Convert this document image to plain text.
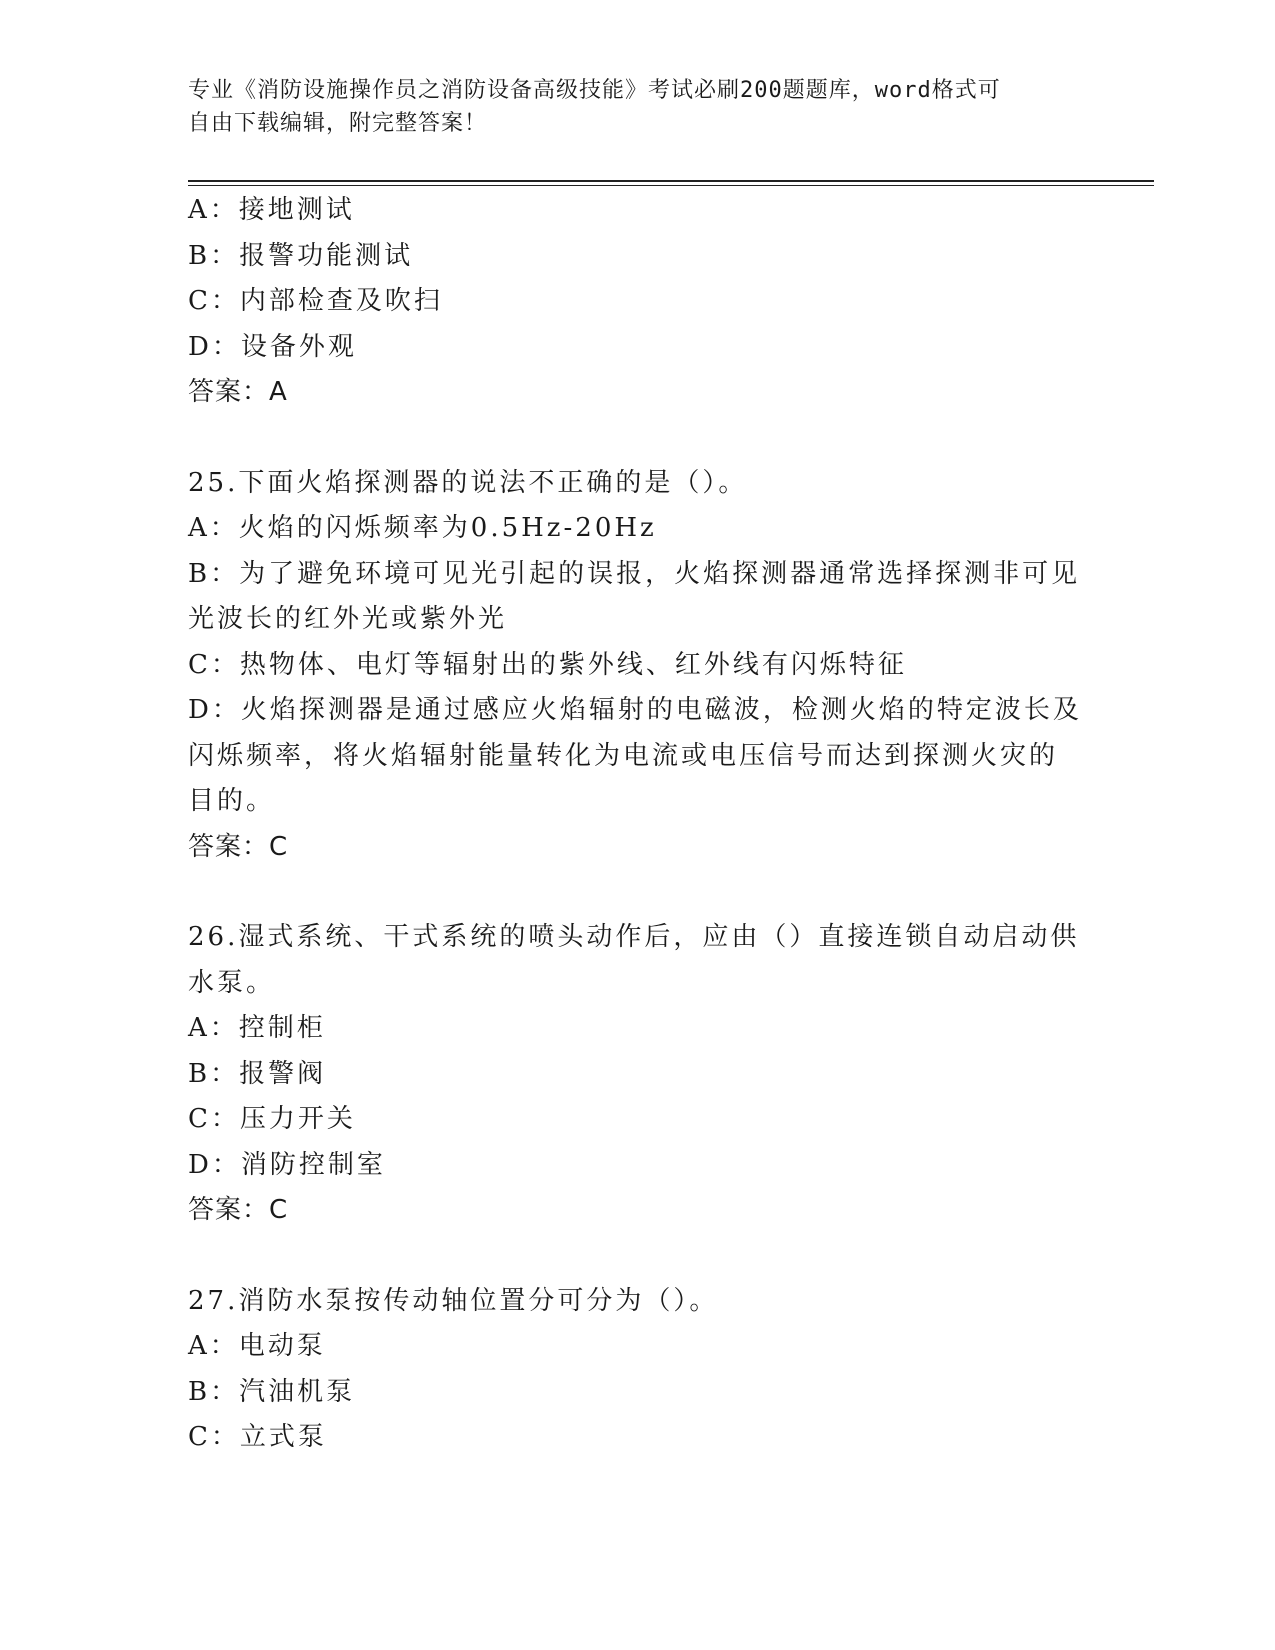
专业《消防设施操作员之消防设备高级技能》考试必刷200题题库，word格式可
自由下载编辑，附完整答案！
A：接地测试
B：报警功能测试
C：内部检查及吹扫
D：设备外观
答案：A
25.下面火焰探测器的说法不正确的是（）。
A：火焰的闪烁频率为0.5Hz-20Hz
B：为了避免环境可见光引起的误报，火焰探测器通常选择探测非可见
光波长的红外光或紫外光
C：热物体、电灯等辐射出的紫外线、红外线有闪烁特征
D：火焰探测器是通过感应火焰辐射的电磁波，检测火焰的特定波长及
闪烁频率，将火焰辐射能量转化为电流或电压信号而达到探测火灾的
目的。
答案：C
26.湿式系统、干式系统的喷头动作后，应由（）直接连锁自动启动供
水泵。
A：控制柜
B：报警阀
C：压力开关
D：消防控制室
答案：C
27.消防水泵按传动轴位置分可分为（）。
A：电动泵
B：汽油机泵
C：立式泵
